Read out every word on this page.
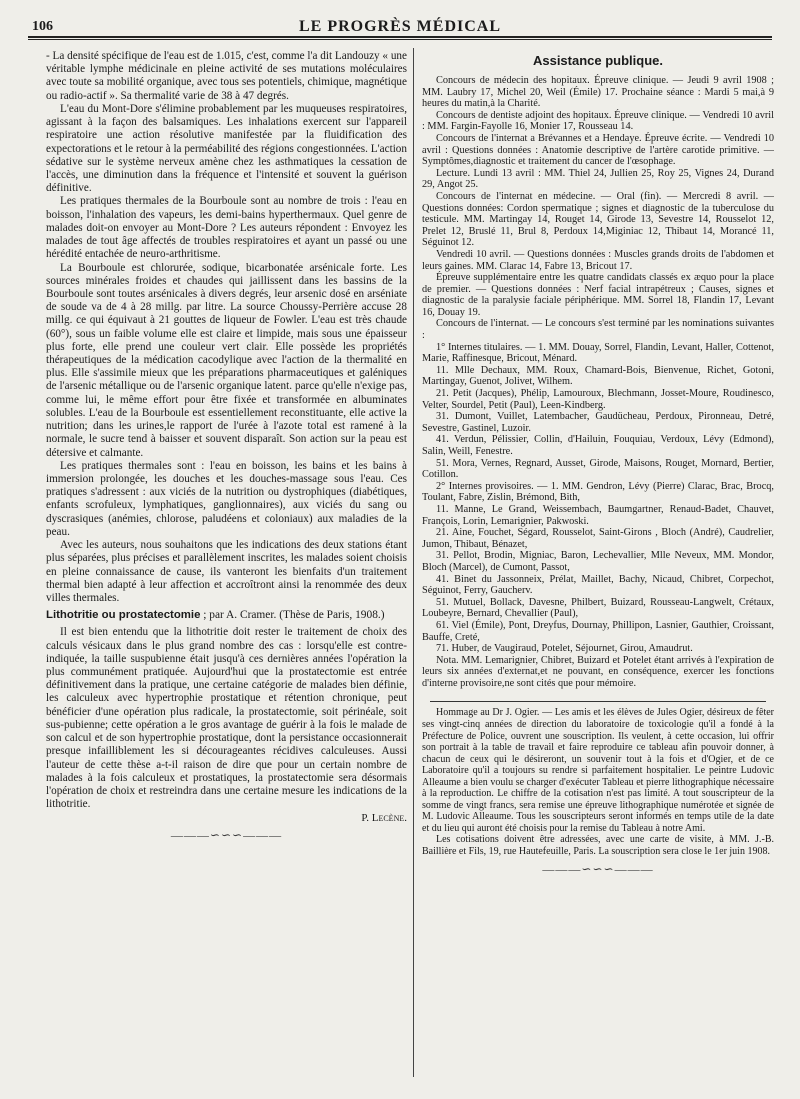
106	LE PROGRÈS MÉDICAL

- La densité spécifique de l'eau est de 1.015, c'est, comme l'a dit Landouzy « une véritable lymphe médicinale en pleine activité de ses mutations moléculaires avec toute sa mobilité organique, avec tous ses potentiels, chimique, magnétique ou radio-actif ». Sa thermalité varie de 38 à 47 degrés.

L'eau du Mont-Dore s'élimine probablement par les muqueuses respiratoires, agissant à la façon des balsamiques. Les inhalations exercent sur l'appareil respiratoire une action résolutive manifestée par la fluidification des expectorations et le retour à la perméabilité des régions congestionnées. L'action sédative sur le système nerveux amène chez les asthmatiques la cessation de l'accès, une diminution dans la fréquence et l'intensité et souvent la guérison définitive.

Les pratiques thermales de la Bourboule sont au nombre de trois : l'eau en boisson, l'inhalation des vapeurs, les demi-bains hyperthermaux. Quel genre de malades doit-on envoyer au Mont-Dore ? Les auteurs répondent : Envoyez les malades de tout âge affectés de troubles respiratoires et ayant un passé ou une hérédité entachée de neuro-arthritisme.

La Bourboule est chlorurée, sodique, bicarbonatée arsénicale forte. Les sources minérales froides et chaudes qui jaillissent dans les bassins de la Bourboule sont toutes arsénicales à divers degrés, leur arsenic dosé en arséniate de soude va de 4 à 28 millg. par litre. La source Choussy-Perrière accuse 28 millg. ce qui équivaut à 21 gouttes de liqueur de Fowler. L'eau est très chaude (60°), sous un faible volume elle est claire et limpide, mais sous une épaisseur plus forte, elle prend une couleur vert clair. Elle possède les propriétés thérapeutiques de la médication cacodylique avec l'action de la thermalité en plus. Elle s'assimile mieux que les préparations pharmaceutiques et galéniques de l'arsenic métallique ou de l'arsenic organique latent. parce qu'elle n'exige pas, comme lui, le même effort pour être fixée et transformée en albuminates solubles. L'eau de la Bourboule est essentiellement reconstituante, elle active la nutrition; dans les urines,le rapport de l'urée à l'azote total est ramené à la normale, le sucre tend à baisser et souvent disparaît. Son action sur la peau est détersive et calmante.

Les pratiques thermales sont : l'eau en boisson, les bains et les bains à immersion prolongée, les douches et les douches-massage sous l'eau. Ces pratiques s'adressent : aux viciés de la nutrition ou dystrophiques (diabétiques, enfants scrofuleux, lymphatiques, ganglionnaires), aux viciés du sang ou dyscrasiques (anémies, chlorose, paludéens et coloniaux) aux maladies de la peau.

Avec les auteurs, nous souhaitons que les indications des deux stations étant plus séparées, plus précises et parallèlement inscrites, les malades soient choisis en pleine connaissance de cause, ils vanteront les bienfaits d'un traitement thermal bien adapté à leur affection et accroîtront ainsi la renommée des deux villes thermales.

Lithotritie ou prostatectomie ; par A. Cramer. (Thèse de Paris, 1908.)

Il est bien entendu que la lithotritie doit rester le traitement de choix des calculs vésicaux dans le plus grand nombre des cas : lorsqu'elle est contre-indiquée, la taille suspubienne était jusqu'à ces dernières années l'opération la plus communément pratiquée. Aujourd'hui que la prostatectomie est entrée définitivement dans la pratique, une certaine catégorie de malades bien définie, les calculeux avec hypertrophie prostatique et rétention chronique, peut bénéficier d'une opération plus radicale, la prostatectomie, soit périnéale, soit sus-pubienne; cette opération a le gros avantage de guérir à la fois le malade de son calcul et de son hypertrophie prostatique, dont la persistance occasionnerait presque infailliblement les si décourageantes récidives calculeuses. Aussi l'auteur de cette thèse a-t-il raison de dire que pour un certain nombre de malades à la fois calculeux et prostatiques, la prostatectomie sera désormais l'opération de choix et restreindra dans une certaine mesure les indications de la lithotritie.

P. Lecène.
———∽∽∽———
Assistance publique.

Concours de médecin des hopitaux. Épreuve clinique. — Jeudi 9 avril 1908 ; MM. Laubry 17, Michel 20, Weil (Émile) 17. Prochaine séance : Mardi 5 mai,à 9 heures du matin,à la Charité.

Concours de dentiste adjoint des hopitaux. Épreuve clinique. — Vendredi 10 avril : MM. Fargin-Fayolle 16, Monier 17, Rousseau 14.

Concours de l'internat a Brévannes et a Hendaye. Épreuve écrite. — Vendredi 10 avril : Questions données : Anatomie descriptive de l'artère carotide primitive. — Symptômes,diagnostic et traitement du cancer de l'œsophage.

Lecture. Lundi 13 avril : MM. Thiel 24, Jullien 25, Roy 25, Vignes 24, Durand 29, Angot 25.

Concours de l'internat en médecine. — Oral (fin). — Mercredi 8 avril. — Questions données: Cordon spermatique ; signes et diagnostic de la tuberculose du testicule. MM. Martingay 14, Rouget 14, Girode 13, Sevestre 14, Rousselot 12, Prelet 12, Bruslé 11, Brul 8, Perdoux 14,Miginiac 12, Thibaut 14, Morancé 11, Séguinot 12.

Vendredi 10 avril. — Questions données : Muscles grands droits de l'abdomen et leurs gaines. MM. Clarac 14, Fabre 13, Bricout 17.

Épreuve supplémentaire entre les quatre candidats classés ex æquo pour la place de premier. — Questions données : Nerf facial intrapétreux ; Causes, signes et diagnostic de la paralysie faciale périphérique. MM. Sorrel 18, Flandin 17, Levant 16, Douay 19.

Concours de l'internat. — Le concours s'est terminé par les nominations suivantes :

1° Internes titulaires. — 1. MM. Douay, Sorrel, Flandin, Levant, Haller, Cottenot, Marie, Raffinesque, Bricout, Ménard.

11. Mlle Dechaux, MM. Roux, Chamard-Bois, Bienvenue, Richet, Gotoni, Martingay, Guenot, Jolivet, Wilhem.

21. Petit (Jacques), Phélip, Lamouroux, Blechmann, Josset-Moure, Roudinesco, Velter, Sourdel, Petit (Paul), Leen-Kindberg.

31. Dumont, Vuillet, Latembacher, Gaudücheau, Perdoux, Pironneau, Detré, Sevestre, Gastinel, Luzoir.

41. Verdun, Pélissier, Collin, d'Hailuin, Fouquiau, Verdoux, Lévy (Edmond), Salin, Weill, Fenestre.

51. Mora, Vernes, Regnard, Ausset, Girode, Maisons, Rouget, Mornard, Bertier, Cotillon.

2° Internes provisoires. — 1. MM. Gendron, Lévy (Pierre) Clarac, Brac, Brocq, Toulant, Fabre, Zislin, Brémond, Bith,

11. Manne, Le Grand, Weissembach, Baumgartner, Renaud-Badet, Chauvet, François, Lorin, Lemarignier, Pakwoski.

21. Aine, Fouchet, Ségard, Rousselot, Saint-Girons , Bloch (André), Caudrelier, Jumon, Thibaut, Bénazet,

31. Pellot, Brodin, Migniac, Baron, Lechevallier, Mlle Neveux, MM. Mondor, Bloch (Marcel), de Cumont, Passot,

41. Binet du Jassonneix, Prélat, Maillet, Bachy, Nicaud, Chibret, Corpechot, Séguinot, Ferry, Gaucherv.

51. Mutuel, Bollack, Davesne, Philbert, Buizard, Rousseau-Langwelt, Crétaux, Loubeyre, Bernard, Chevallier (Paul),

61. Viel (Émile), Pont, Dreyfus, Dournay, Phillipon, Lasnier, Gauthier, Croissant, Bauffe, Creté,

71. Huber, de Vaugiraud, Potelet, Séjournet, Girou, Amaudrut.

Nota. MM. Lemarignier, Chibret, Buizard et Potelet étant arrivés à l'expiration de leurs six années d'externat,et ne pouvant, en conséquence, exercer les fonctions d'interne provisoire,ne sont cités que pour mémoire.

Hommage au Dr J. Ogier. — Les amis et les élèves de Jules Ogier, désireux de fêter ses vingt-cinq années de direction du laboratoire de toxicologie qu'il a fondé à la Préfecture de Police, ouvrent une souscription. Ils veulent, à cette occasion, lui offrir son portrait à la table de travail et faire reproduire ce tableau afin pouvoir donner, à chacun de ceux qui le désireront, un souvenir tout à la fois et d'Ogier, et de ce Laboratoire qu'il a toujours su rendre si parfaitement hospitalier. Le peintre Ludovic Alleaume a bien voulu se charger d'exécuter Tableau et pierre lithographique nécessaire à la reproduction. Le chiffre de la cotisation n'est pas limité. A tout souscripteur de la somme de vingt francs, sera remise une épreuve lithographique numérotée et signée de M. Ludovic Alleaume. Tous les souscripteurs seront informés en temps utile de la date et du lieu qui auront été choisis pour la remise du Tableau à notre Ami.

Les cotisations doivent être adressées, avec une carte de visite, à MM. J.-B. Baillière et Fils, 19, rue Hautefeuille, Paris. La souscription sera close le 1er juin 1908.

———∽∽∽———
